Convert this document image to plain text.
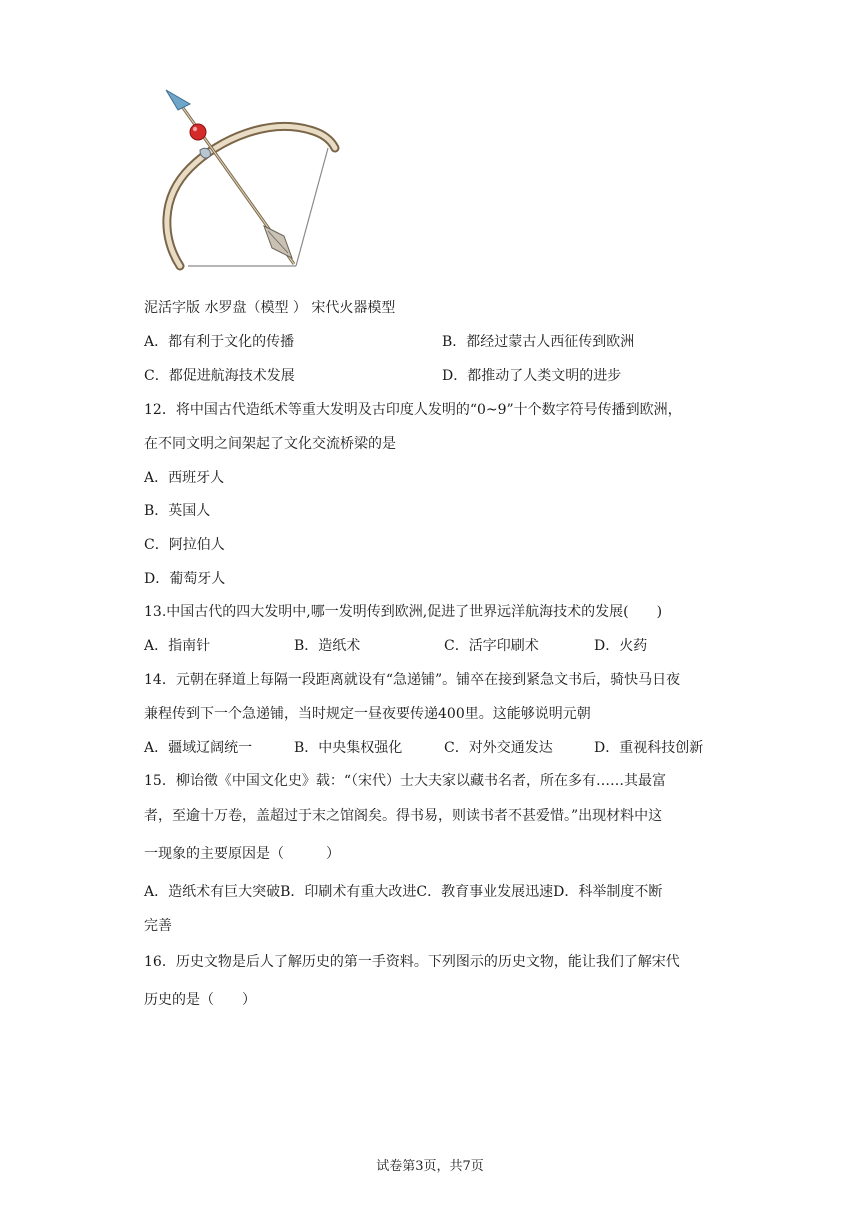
泥活字版 水罗盘（模型 ） 宋代火器模型
A．都有利于文化的传播	B．都经过蒙古人西征传到欧洲
C．都促进航海技术发展	D．都推动了人类文明的进步
12．将中国古代造纸术等重大发明及古印度人发明的“0~9”十个数字符号传播到欧洲，
在不同文明之间架起了文化交流桥梁的是
A．西班牙人
B．英国人
C．阿拉伯人
D．葡萄牙人
13.中国古代的四大发明中,哪一发明传到欧洲,促进了世界远洋航海技术的发展(　　)
A．指南针	B．造纸术	C．活字印刷术	D．火药
14．元朝在驿道上每隔一段距离就设有“急递铺”。铺卒在接到紧急文书后，骑快马日夜
兼程传到下一个急递铺，当时规定一昼夜要传递400里。这能够说明元朝
A．疆域辽阔统一	B．中央集权强化	C．对外交通发达	D．重视科技创新
15．柳诒徵《中国文化史》载：“（宋代）士大夫家以藏书名者，所在多有……其最富
者，至逾十万卷，盖超过于末之馆阁矣。得书易，则读书者不甚爱惜。”出现材料中这
一现象的主要原因是（　　　）
A．造纸术有巨大突破B．印刷术有重大改进C．教育事业发展迅速D．科举制度不断
完善
16．历史文物是后人了解历史的第一手资料。下列图示的历史文物，能让我们了解宋代
历史的是（　　）
试卷第3页，共7页
